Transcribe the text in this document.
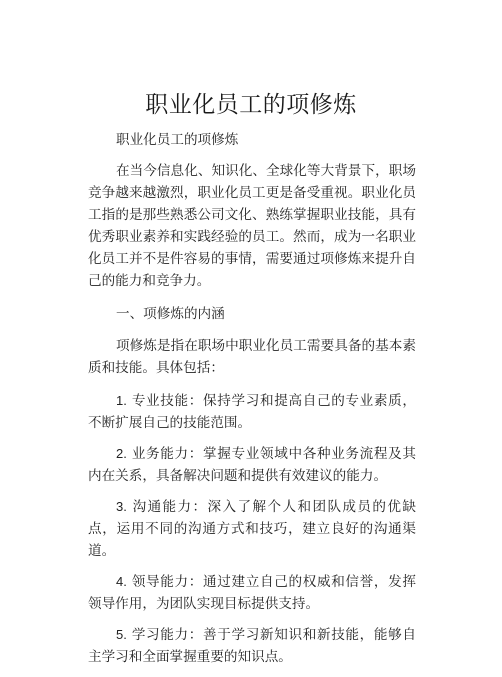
职业化员工的项修炼

职业化员工的项修炼

在当今信息化、知识化、全球化等大背景下，职场竞争越来越激烈，职业化员工更是备受重视。职业化员工指的是那些熟悉公司文化、熟练掌握职业技能，具有优秀职业素养和实践经验的员工。然而，成为一名职业化员工并不是件容易的事情，需要通过项修炼来提升自己的能力和竞争力。

一、项修炼的内涵

项修炼是指在职场中职业化员工需要具备的基本素质和技能。具体包括：

1. 专业技能：保持学习和提高自己的专业素质，不断扩展自己的技能范围。

2. 业务能力：掌握专业领域中各种业务流程及其内在关系，具备解决问题和提供有效建议的能力。

3. 沟通能力：深入了解个人和团队成员的优缺点，运用不同的沟通方式和技巧，建立良好的沟通渠道。

4. 领导能力：通过建立自己的权威和信誉，发挥领导作用，为团队实现目标提供支持。

5. 学习能力：善于学习新知识和新技能，能够自主学习和全面掌握重要的知识点。
